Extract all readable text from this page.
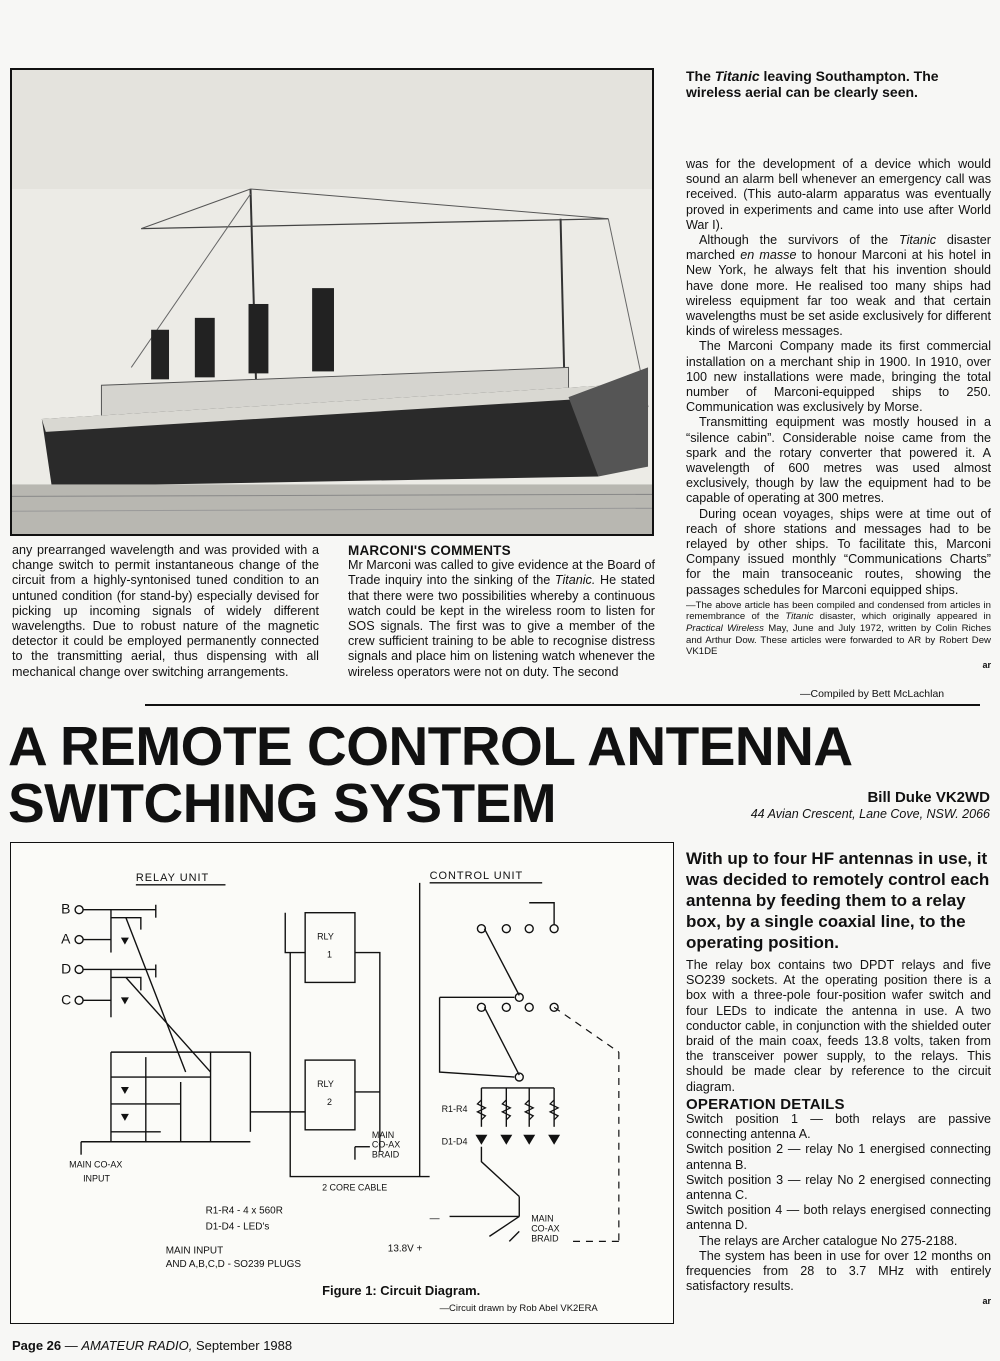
The Titanic leaving Southampton. The wireless aerial can be clearly seen.

any prearranged wavelength and was provided with a change switch to permit instantaneous change of the circuit from a highly-syntonised tuned condition to an untuned condition (for stand-by) especially devised for picking up incoming signals of widely different wavelengths. Due to robust nature of the magnetic detector it could be employed permanently connected to the transmitting aerial, thus dispensing with all mechanical change over switching arrangements.

MARCONI'S COMMENTS

Mr Marconi was called to give evidence at the Board of Trade inquiry into the sinking of the Titanic. He stated that there were two possibilities whereby a continuous watch could be kept in the wireless room to listen for SOS signals. The first was to give a member of the crew sufficient training to be able to recognise distress signals and place him on listening watch whenever the wireless operators were not on duty. The second

was for the development of a device which would sound an alarm bell whenever an emergency call was received. (This auto-alarm apparatus was eventually proved in experiments and came into use after World War I).

Although the survivors of the Titanic disaster marched en masse to honour Marconi at his hotel in New York, he always felt that his invention should have done more. He realised too many ships had wireless equipment far too weak and that certain wavelengths must be set aside exclusively for different kinds of wireless messages.

The Marconi Company made its first commercial installation on a merchant ship in 1900. In 1910, over 100 new installations were made, bringing the total number of Marconi-equipped ships to 250. Communication was exclusively by Morse.

Transmitting equipment was mostly housed in a “silence cabin”. Considerable noise came from the spark and the rotary converter that powered it. A wavelength of 600 metres was used almost exclusively, though by law the equipment had to be capable of operating at 300 metres.

During ocean voyages, ships were at time out of reach of shore stations and messages had to be relayed by other ships. To facilitate this, Marconi Company issued monthly “Communications Charts” for the main transoceanic routes, showing the passages schedules for Marconi equipped ships.

—The above article has been compiled and condensed from articles in remembrance of the Titanic disaster, which originally appeared in Practical Wireless May, June and July 1972, written by Colin Riches and Arthur Dow. These articles were forwarded to AR by Robert Dew VK1DE

ar

—Compiled by Bett McLachlan
A REMOTE CONTROL ANTENNA
SWITCHING SYSTEM	Bill Duke VK2WD
44 Avian Crescent, Lane Cove, NSW. 2066
RELAY UNIT	CONTROL UNIT
B
A
D
C
RLY
1
RLY
2
MAIN
CO-AX
BRAID
MAIN CO-AX
INPUT
2 CORE CABLE
R1-R4
D1-D4
MAIN
CO-AX
BRAID
R1-R4 - 4 x 560R
D1-D4 - LED's
MAIN INPUT
AND A,B,C,D - SO239 PLUGS
13.8V +
—
Figure 1: Circuit Diagram.
—Circuit drawn by Rob Abel VK2ERA
With up to four HF antennas in use, it was decided to remotely control each antenna by feeding them to a relay box, by a single coaxial line, to the operating position.

The relay box contains two DPDT relays and five SO239 sockets. At the operating position there is a box with a three-pole four-position wafer switch and four LEDs to indicate the antenna in use. A two conductor cable, in conjunction with the shielded outer braid of the main coax, feeds 13.8 volts, taken from the transceiver power supply, to the relays. This should be made clear by reference to the circuit diagram.

OPERATION DETAILS

Switch position 1 — both relays are passive connecting antenna A.

Switch position 2 — relay No 1 energised connecting antenna B.

Switch position 3 — relay No 2 energised connecting antenna C.

Switch position 4 — both relays energised connecting antenna D.

The relays are Archer catalogue No 275-2188.

The system has been in use for over 12 months on frequencies from 28 to 3.7 MHz with entirely satisfactory results.

ar

Page 26 — AMATEUR RADIO, September 1988
